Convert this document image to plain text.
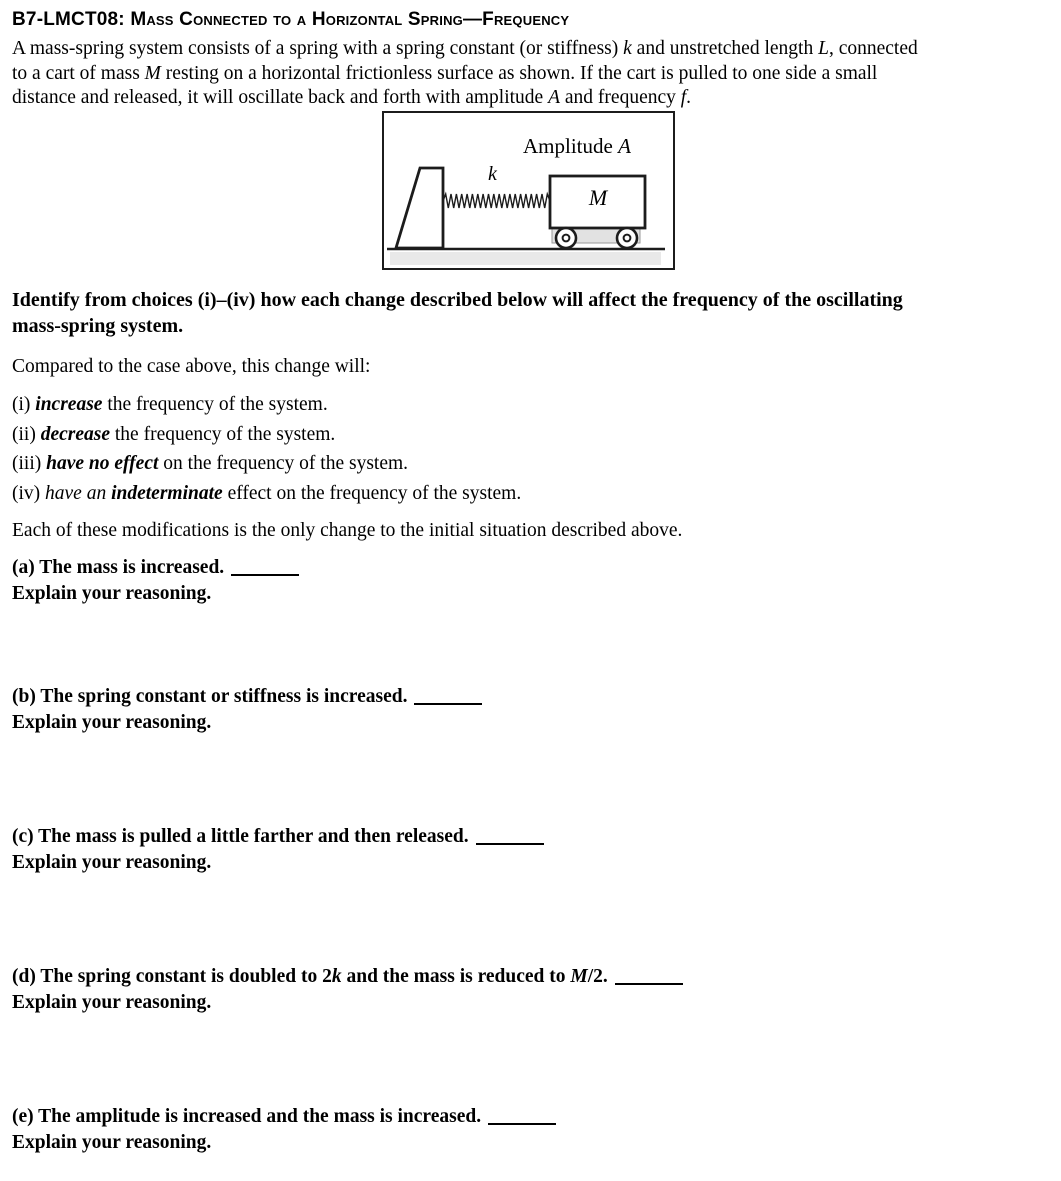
B7-LMCT08: Mass Connected to a Horizontal Spring—Frequency

A mass-spring system consists of a spring with a spring constant (or stiffness) k and unstretched length L, connected
to a cart of mass M resting on a horizontal frictionless surface as shown. If the cart is pulled to one side a small
distance and released, it will oscillate back and forth with amplitude A and frequency f.

Amplitude A
k
M

Identify from choices (i)–(iv) how each change described below will affect the frequency of the oscillating
mass-spring system.

Compared to the case above, this change will:

(i) increase the frequency of the system.

(ii) decrease the frequency of the system.

(iii) have no effect on the frequency of the system.

(iv) have an indeterminate effect on the frequency of the system.

Each of these modifications is the only change to the initial situation described above.

(a) The mass is increased.

Explain your reasoning.

(b) The spring constant or stiffness is increased.

Explain your reasoning.

(c) The mass is pulled a little farther and then released.

Explain your reasoning.

(d) The spring constant is doubled to 2k and the mass is reduced to M/2.

Explain your reasoning.

(e) The amplitude is increased and the mass is increased.

Explain your reasoning.
